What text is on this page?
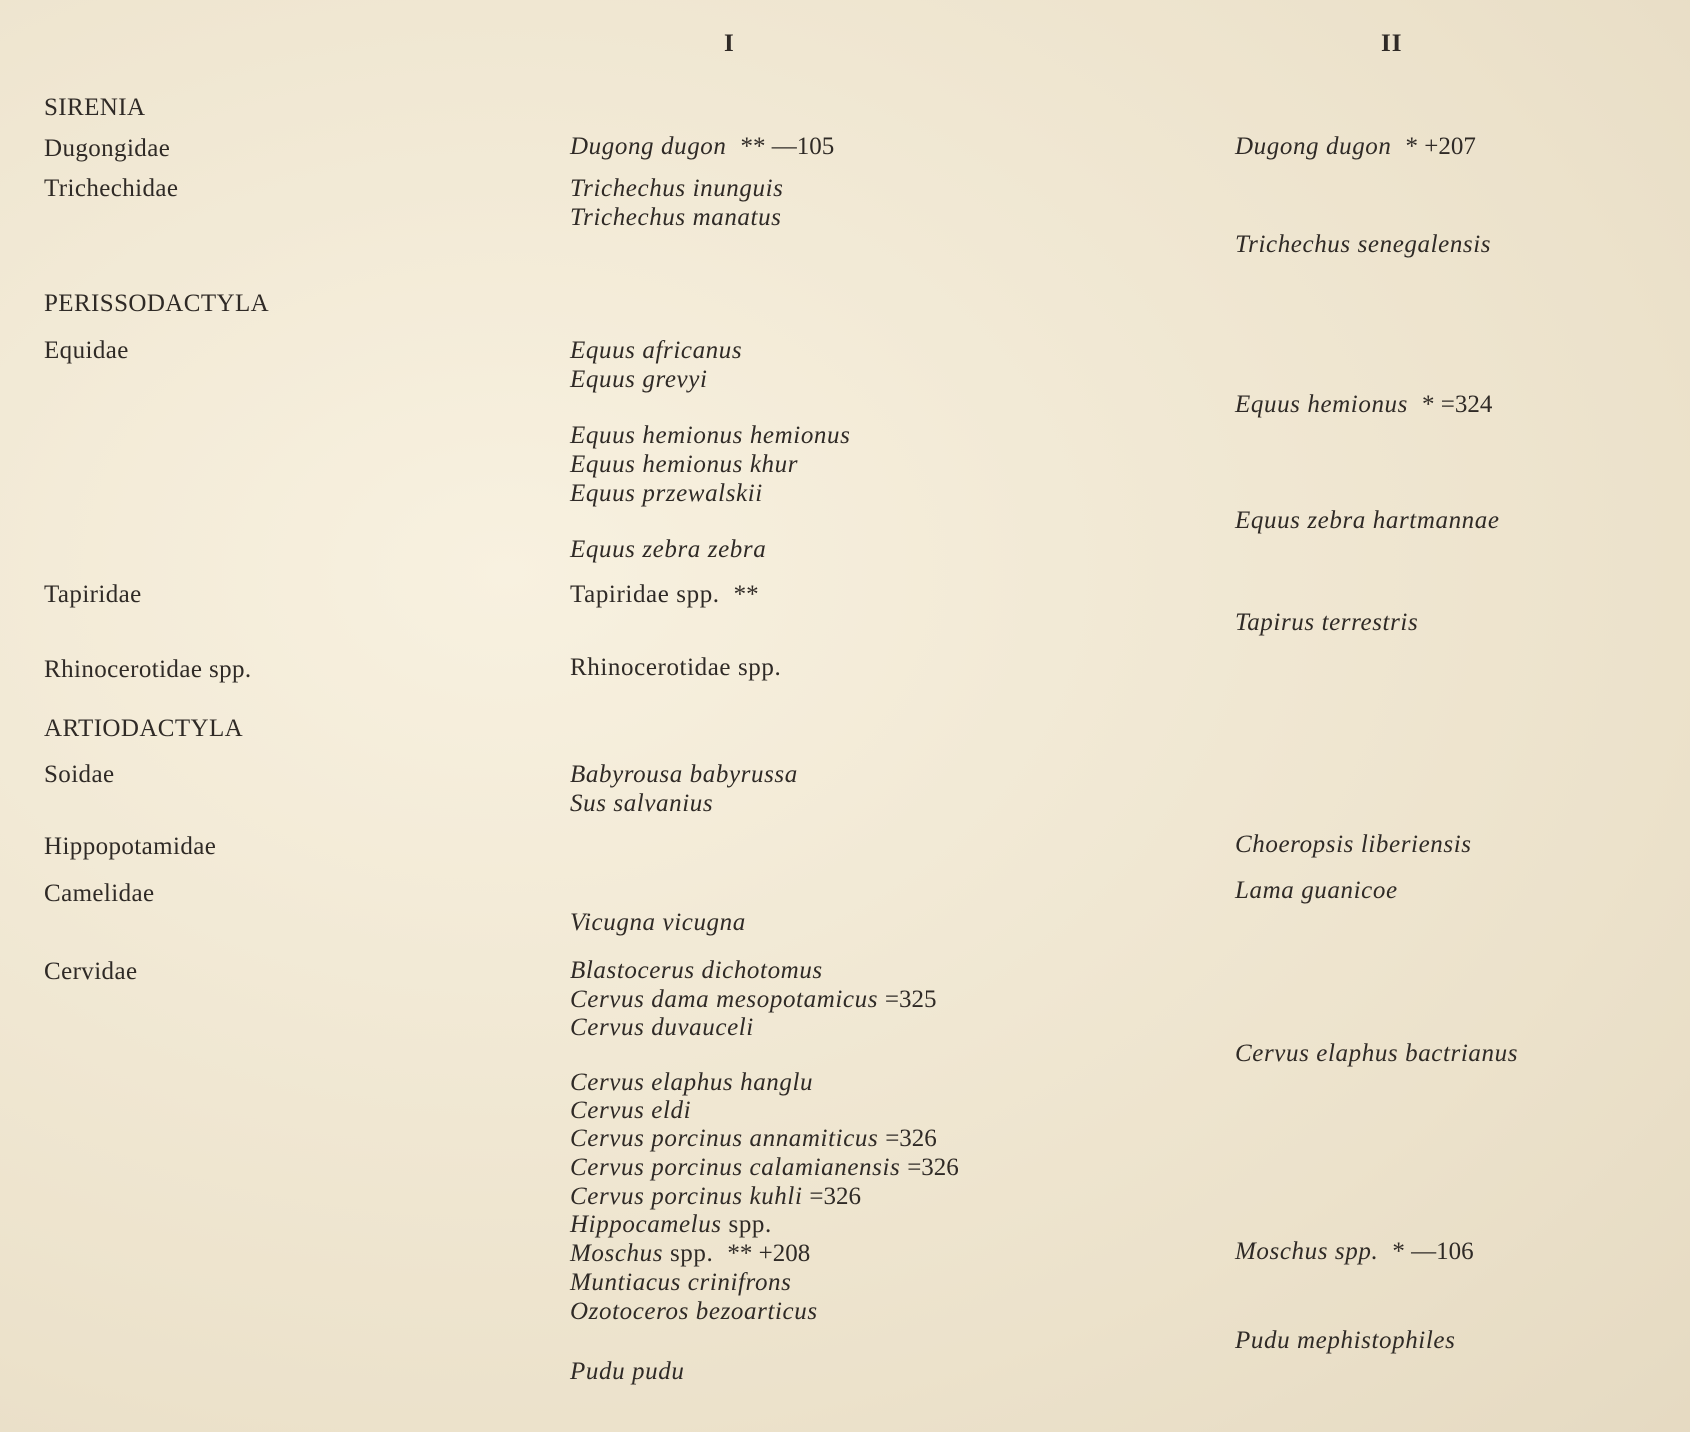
I	II
SIRENIA
Dugongidae
Trichechidae
PERISSODACTYLA
Equidae
Tapiridae
Rhinocerotidae spp.
ARTIODACTYLA
Soidae
Hippopotamidae
Camelidae
Cervidae
Dugong dugon ** —105
Trichechus inunguis
Trichechus manatus
Equus africanus
Equus grevyi
Equus hemionus hemionus
Equus hemionus khur
Equus przewalskii
Equus zebra zebra
Tapiridae spp. **
Rhinocerotidae spp.
Babyrousa babyrussa
Sus salvanius
Vicugna vicugna
Blastocerus dichotomus
Cervus dama mesopotamicus =325
Cervus duvauceli
Cervus elaphus hanglu
Cervus eldi
Cervus porcinus annamiticus =326
Cervus porcinus calamianensis =326
Cervus porcinus kuhli =326
Hippocamelus spp.
Moschus spp. ** +208
Muntiacus crinifrons
Ozotoceros bezoarticus
Pudu pudu
Dugong dugon * +207
Trichechus senegalensis
Equus hemionus * =324
Equus zebra hartmannae
Tapirus terrestris
Choeropsis liberiensis
Lama guanicoe
Cervus elaphus bactrianus
Moschus spp. * —106
Pudu mephistophiles
